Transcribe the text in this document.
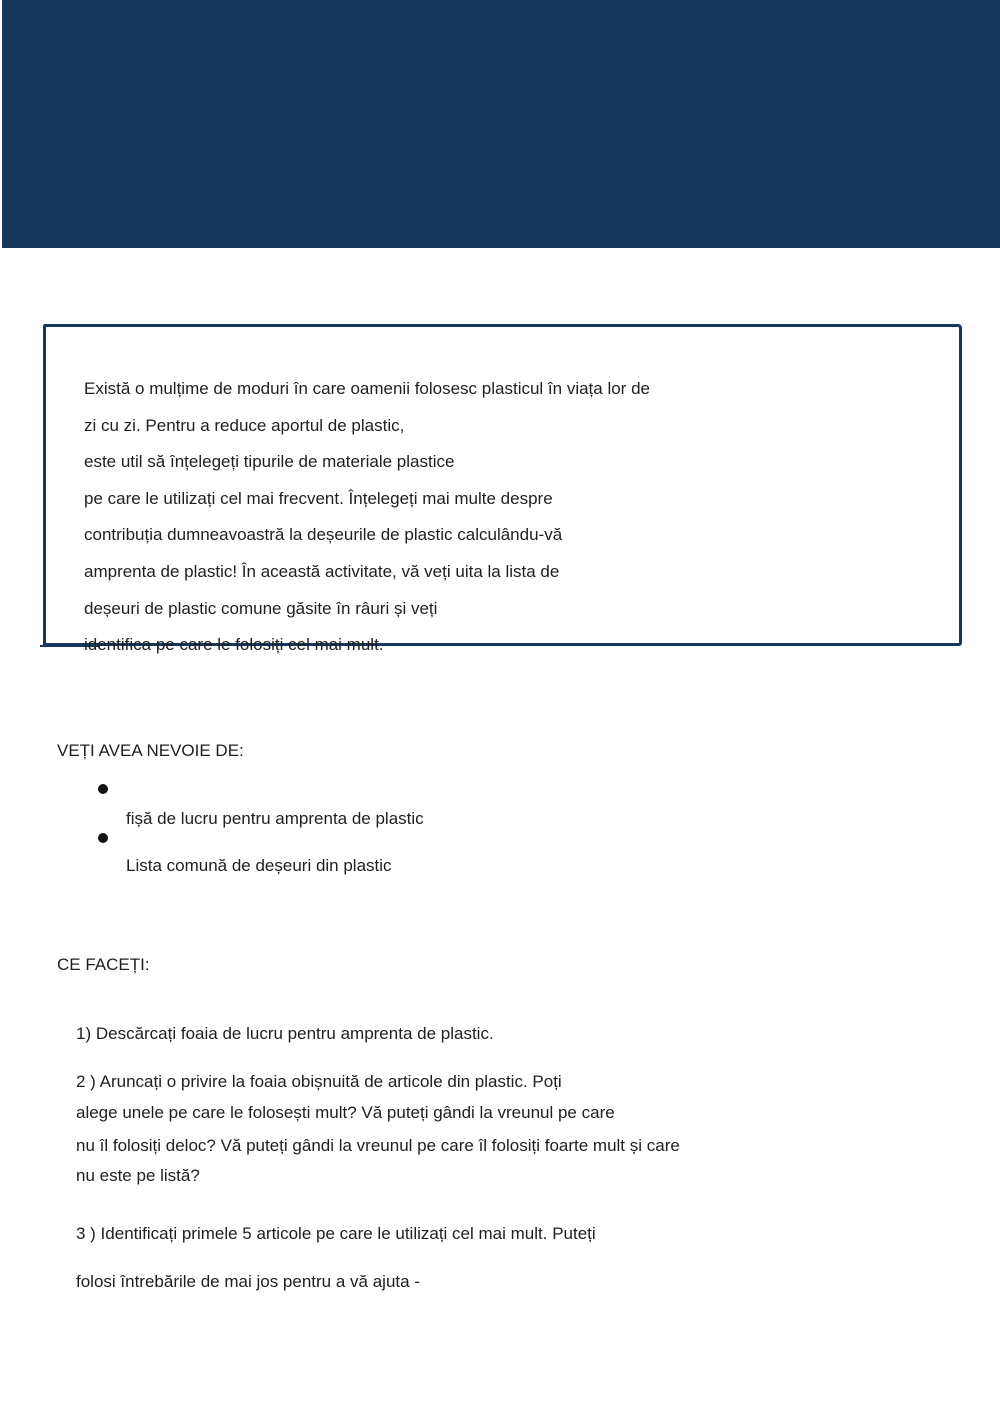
Există o mulțime de moduri în care oamenii folosesc plasticul în viața lor de
zi cu zi. Pentru a reduce aportul de plastic,
este util să înțelegeți tipurile de materiale plastice
pe care le utilizați cel mai frecvent. Înțelegeți mai multe despre
contribuția dumneavoastră la deșeurile de plastic calculându-vă
amprenta de plastic! În această activitate, vă veți uita la lista de
deșeuri de plastic comune găsite în râuri și veți
identifica pe care le folosiți cel mai mult.
VEȚI AVEA NEVOIE DE:
fișă de lucru pentru amprenta de plastic
Lista comună de deșeuri din plastic
CE FACEȚI:
1) Descărcați foaia de lucru pentru amprenta de plastic.
2 ) Aruncați o privire la foaia obișnuită de articole din plastic. Poți
alege unele pe care le folosești mult? Vă puteți gândi la vreunul pe care
nu îl folosiți deloc? Vă puteți gândi la vreunul pe care îl folosiți foarte mult și care
nu este pe listă?
3 ) Identificați primele 5 articole pe care le utilizați cel mai mult. Puteți
folosi întrebările de mai jos pentru a vă ajuta -
